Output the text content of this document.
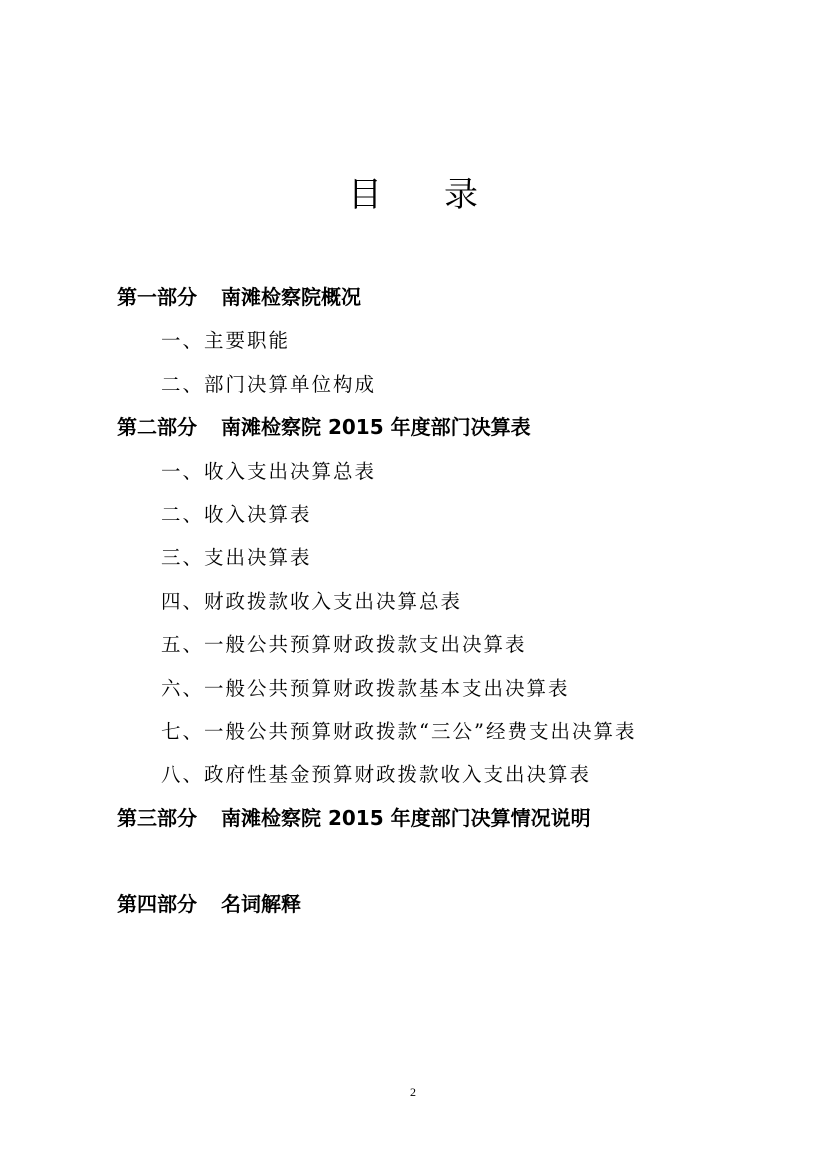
目 录
第一部分 南滩检察院概况
一、主要职能
二、部门决算单位构成
第二部分 南滩检察院 2015 年度部门决算表
一、收入支出决算总表
二、收入决算表
三、支出决算表
四、财政拨款收入支出决算总表
五、一般公共预算财政拨款支出决算表
六、一般公共预算财政拨款基本支出决算表
七、一般公共预算财政拨款“三公”经费支出决算表
八、政府性基金预算财政拨款收入支出决算表
第三部分 南滩检察院 2015 年度部门决算情况说明
第四部分 名词解释
2
